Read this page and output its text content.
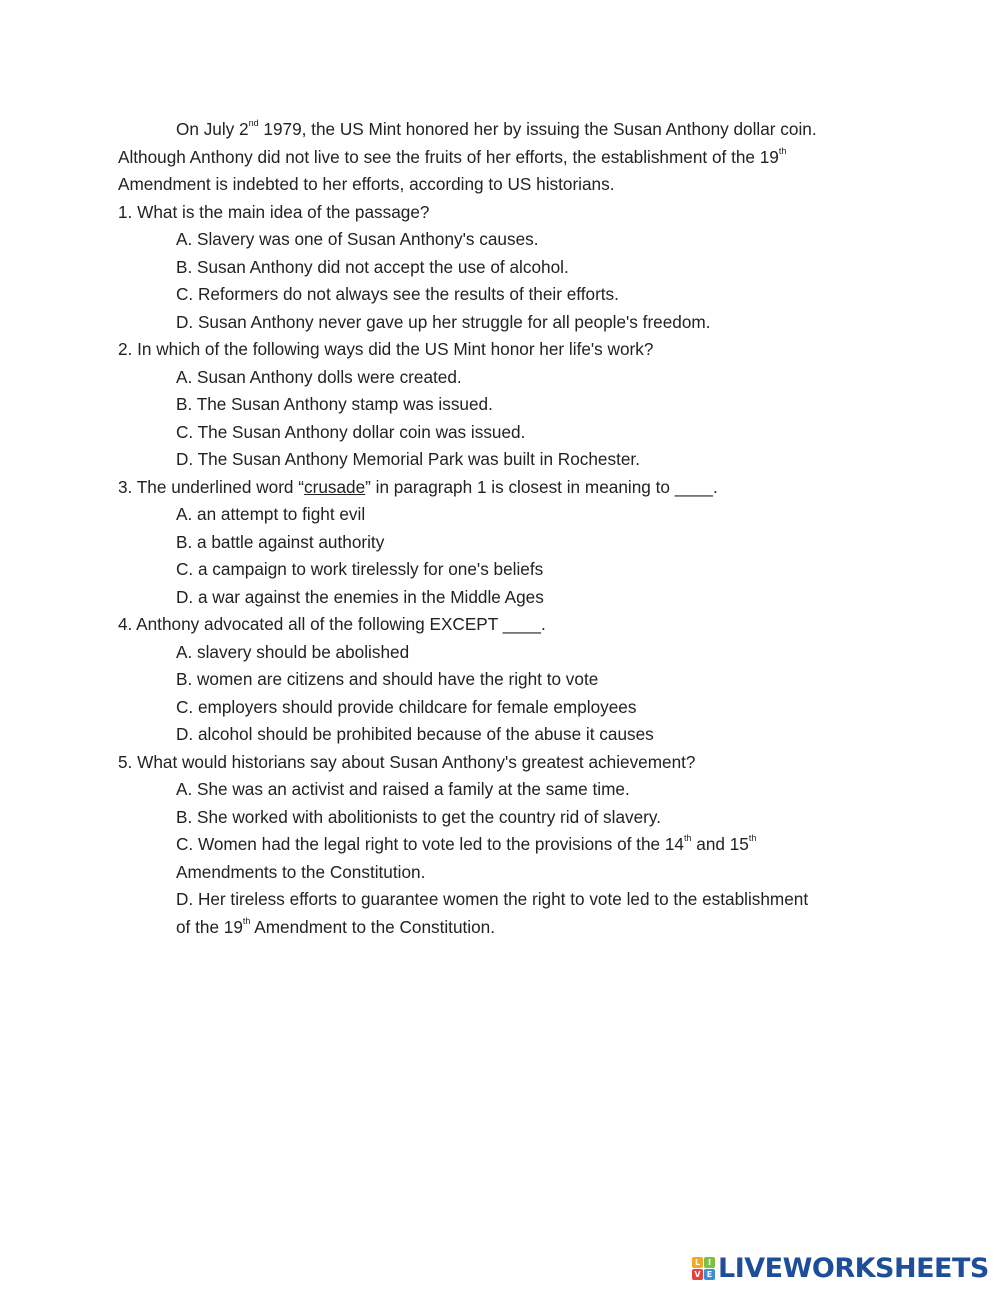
On July 2nd 1979, the US Mint honored her by issuing the Susan Anthony dollar coin.
Although Anthony did not live to see the fruits of her efforts, the establishment of the 19th
Amendment is indebted to her efforts, according to US historians.
1. What is the main idea of the passage?
A. Slavery was one of Susan Anthony's causes.
B. Susan Anthony did not accept the use of alcohol.
C. Reformers do not always see the results of their efforts.
D. Susan Anthony never gave up her struggle for all people's freedom.
2. In which of the following ways did the US Mint honor her life's work?
A. Susan Anthony dolls were created.
B. The Susan Anthony stamp was issued.
C. The Susan Anthony dollar coin was issued.
D. The Susan Anthony Memorial Park was built in Rochester.
3. The underlined word “crusade” in paragraph 1 is closest in meaning to ____.
A. an attempt to fight evil
B. a battle against authority
C. a campaign to work tirelessly for one's beliefs
D. a war against the enemies in the Middle Ages
4. Anthony advocated all of the following EXCEPT ____.
A. slavery should be abolished
B. women are citizens and should have the right to vote
C. employers should provide childcare for female employees
D. alcohol should be prohibited because of the abuse it causes
5. What would historians say about Susan Anthony's greatest achievement?
A. She was an activist and raised a family at the same time.
B. She worked with abolitionists to get the country rid of slavery.
C. Women had the legal right to vote led to the provisions of the 14th and 15th
Amendments to the Constitution.
D. Her tireless efforts to guarantee women the right to vote led to the establishment
of the 19th Amendment to the Constitution.
L I
V E LIVEWORKSHEETS
